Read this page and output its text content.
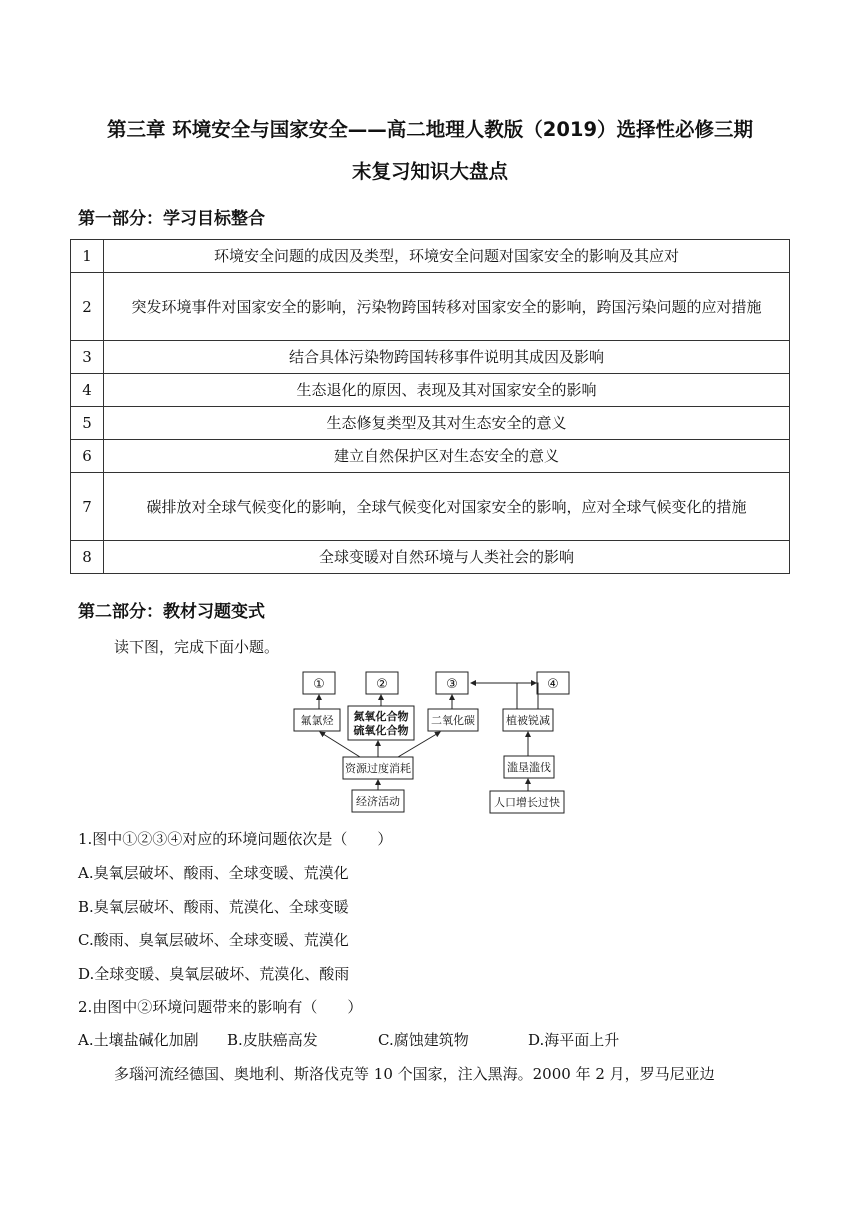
第三章 环境安全与国家安全——高二地理人教版（2019）选择性必修三期
末复习知识大盘点
第一部分：学习目标整合
1	环境安全问题的成因及类型，环境安全问题对国家安全的影响及其应对
2	突发环境事件对国家安全的影响，污染物跨国转移对国家安全的影响，跨国污染问题的应对措施
3	结合具体污染物跨国转移事件说明其成因及影响
4	生态退化的原因、表现及其对国家安全的影响
5	生态修复类型及其对生态安全的意义
6	建立自然保护区对生态安全的意义
7	碳排放对全球气候变化的影响，全球气候变化对国家安全的影响，应对全球气候变化的措施
8	全球变暖对自然环境与人类社会的影响
第二部分：教材习题变式
读下图，完成下面小题。
①	②	③	④
氟氯烃 氮氧化合物
硫氧化合物
二氧化碳	植被锐减
资源过度消耗	滥垦滥伐
经济活动	人口增长过快
1.图中①②③④对应的环境问题依次是（　　）
A.臭氧层破坏、酸雨、全球变暖、荒漠化
B.臭氧层破坏、酸雨、荒漠化、全球变暖
C.酸雨、臭氧层破坏、全球变暖、荒漠化
D.全球变暖、臭氧层破坏、荒漠化、酸雨
2.由图中②环境问题带来的影响有（　　）
A.土壤盐碱化加剧 B.皮肤癌高发	C.腐蚀建筑物	D.海平面上升
多瑙河流经德国、奥地利、斯洛伐克等 10 个国家，注入黑海。2000 年 2 月，罗马尼亚边
